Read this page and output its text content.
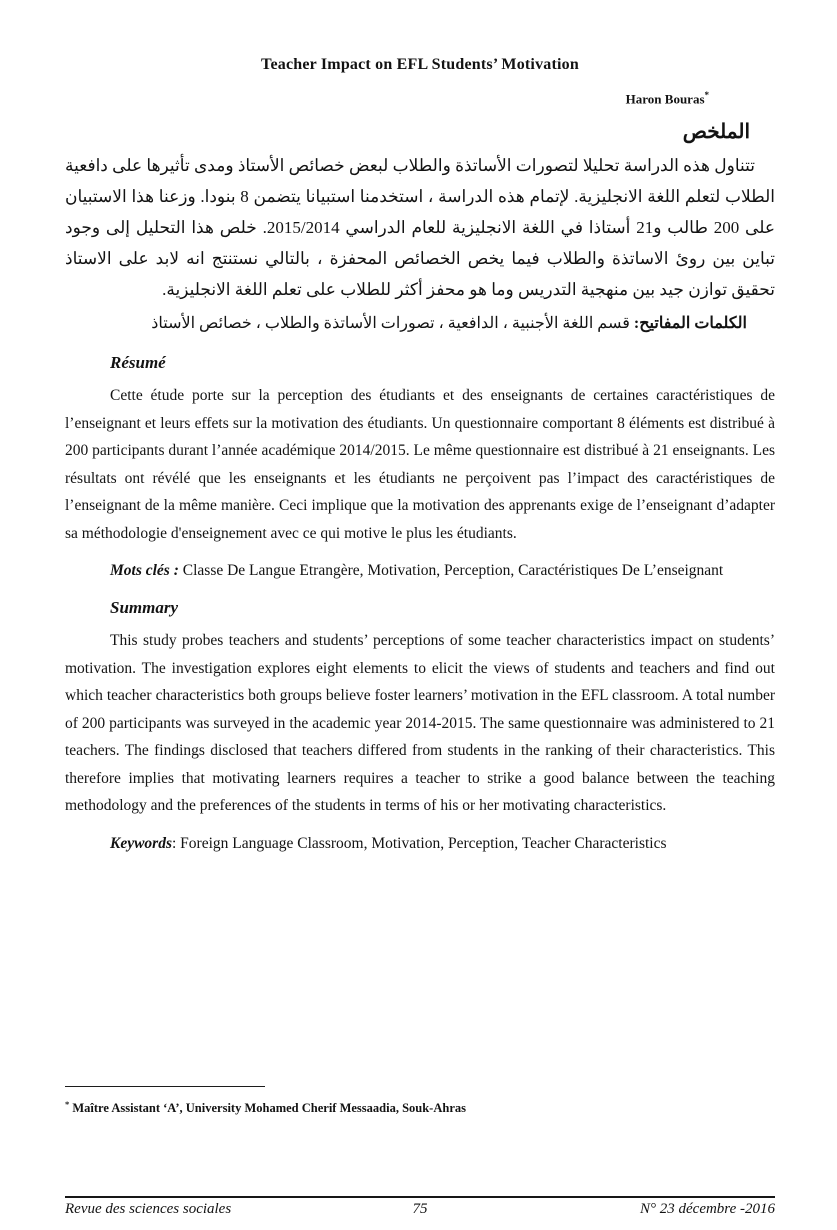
Teacher Impact on EFL Students’ Motivation
Haron Bouras*
الملخص

تتناول هذه الدراسة تحليلا لتصورات الأساتذة والطلاب لبعض خصائص الأستاذ ومدى تأثيرها على دافعية الطلاب لتعلم اللغة الانجليزية. لإتمام هذه الدراسة ، استخدمنا استبيانا يتضمن 8 بنودا. وزعنا هذا الاستبيان على 200 طالب و21 أستاذا في اللغة الانجليزية للعام الدراسي 2015/2014. خلص هذا التحليل إلى وجود تباين بين روئ الاساتذة والطلاب فيما يخص الخصائص المحفزة ، بالتالي نستنتج انه لابد على الاستاذ تحقيق توازن جيد بين منهجية التدريس وما هو محفز أكثر للطلاب على تعلم اللغة الانجليزية.

الكلمات المفاتيح: قسم اللغة الأجنبية ، الدافعية ، تصورات الأساتذة والطلاب ، خصائص الأستاذ

Résumé

Cette étude porte sur la perception des étudiants et des enseignants de certaines caractéristiques de l’enseignant et leurs effets sur la motivation des étudiants. Un questionnaire comportant 8 éléments est distribué à 200 participants durant l’année académique 2014/2015. Le même questionnaire est distribué à 21 enseignants. Les résultats ont révélé que les enseignants et les étudiants ne perçoivent pas l’impact des caractéristiques de l’enseignant de la même manière. Ceci implique que la motivation des apprenants exige de l’enseignant d’adapter sa méthodologie d'enseignement avec ce qui motive le plus les étudiants.

Mots clés : Classe De Langue Etrangère, Motivation, Perception, Caractéristiques De L’enseignant

Summary

This study probes teachers and students’ perceptions of some teacher characteristics impact on students’ motivation. The investigation explores eight elements to elicit the views of students and teachers and find out which teacher characteristics both groups believe foster learners’ motivation in the EFL classroom. A total number of 200 participants was surveyed in the academic year 2014-2015. The same questionnaire was administered to 21 teachers. The findings disclosed that teachers differed from students in the ranking of their characteristics. This therefore implies that motivating learners requires a teacher to strike a good balance between the teaching methodology and the preferences of the students in terms of his or her motivating characteristics.

Keywords: Foreign Language Classroom, Motivation, Perception, Teacher Characteristics

* Maître Assistant ‘A’, University Mohamed Cherif Messaadia, Souk-Ahras
Revue des sciences sociales	75	N° 23 décembre -2016
